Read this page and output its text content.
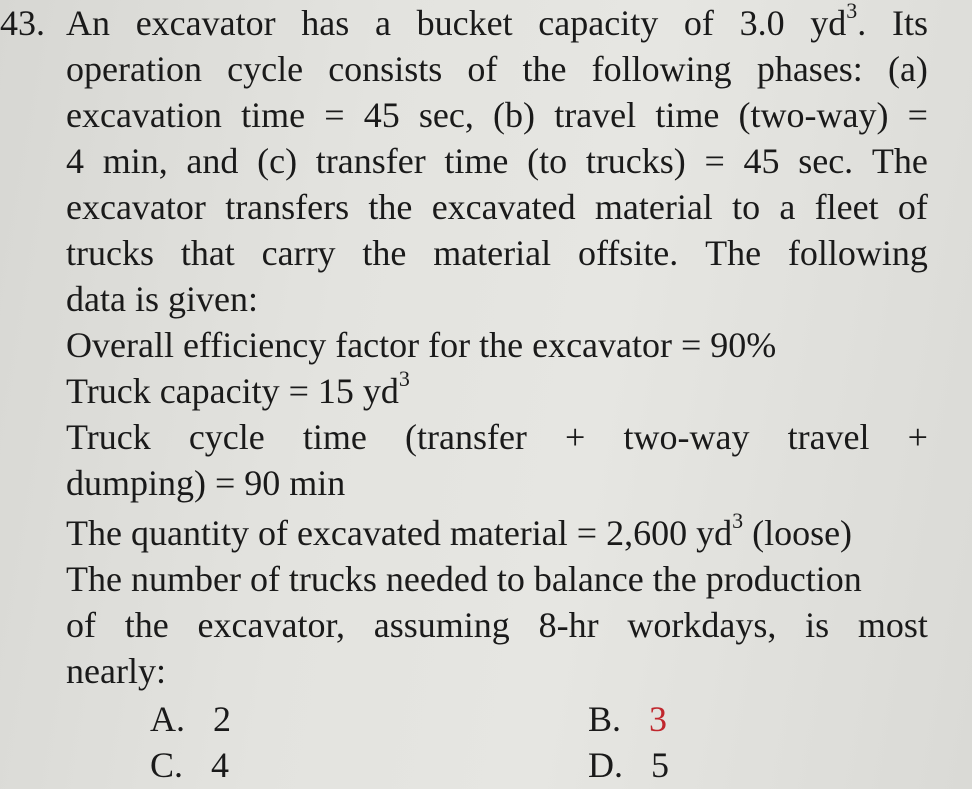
43. An excavator has a bucket capacity of 3.0 $yd^3$. Its
operation cycle consists of the following phases: (a)
excavation time = 45 sec, (b) travel time (two-way) =
4 min, and (c) transfer time (to trucks) = 45 sec. The
excavator transfers the excavated material to a fleet of
trucks that carry the material offsite. The following
data is given:
Overall efficiency factor for the excavator = 90%
Truck capacity = 15 $yd^3$
Truck cycle time (transfer + two-way travel +
dumping) = 90 min
The quantity of excavated material = 2,600 $yd^3$ (loose)
The number of trucks needed to balance the production
of the excavator, assuming 8-hr workdays, is most
nearly:
A. 2	B. 3
C. 4	D. 5
